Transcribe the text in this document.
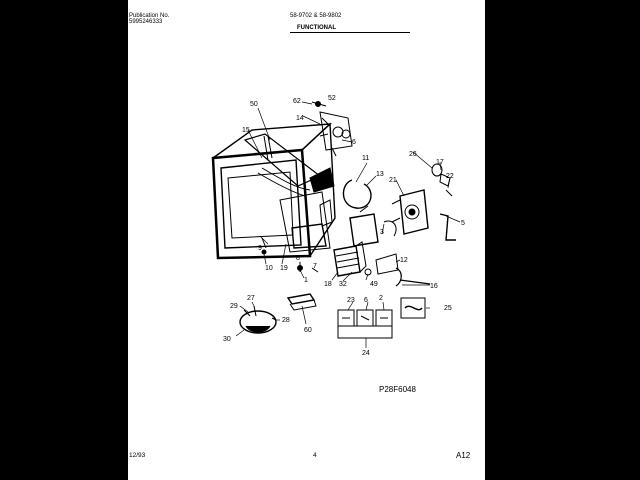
Publication No.
5995246333
58-9702 & 58-9802
FUNCTIONAL
50
52
62
14
6
15
11
26
17
13
21
22
5
3
12
16
18 32	49
10 19
9
8
1
7
27
29
28
30
60
23	2
25
24
6
P28F6048
12/93	4	A12
